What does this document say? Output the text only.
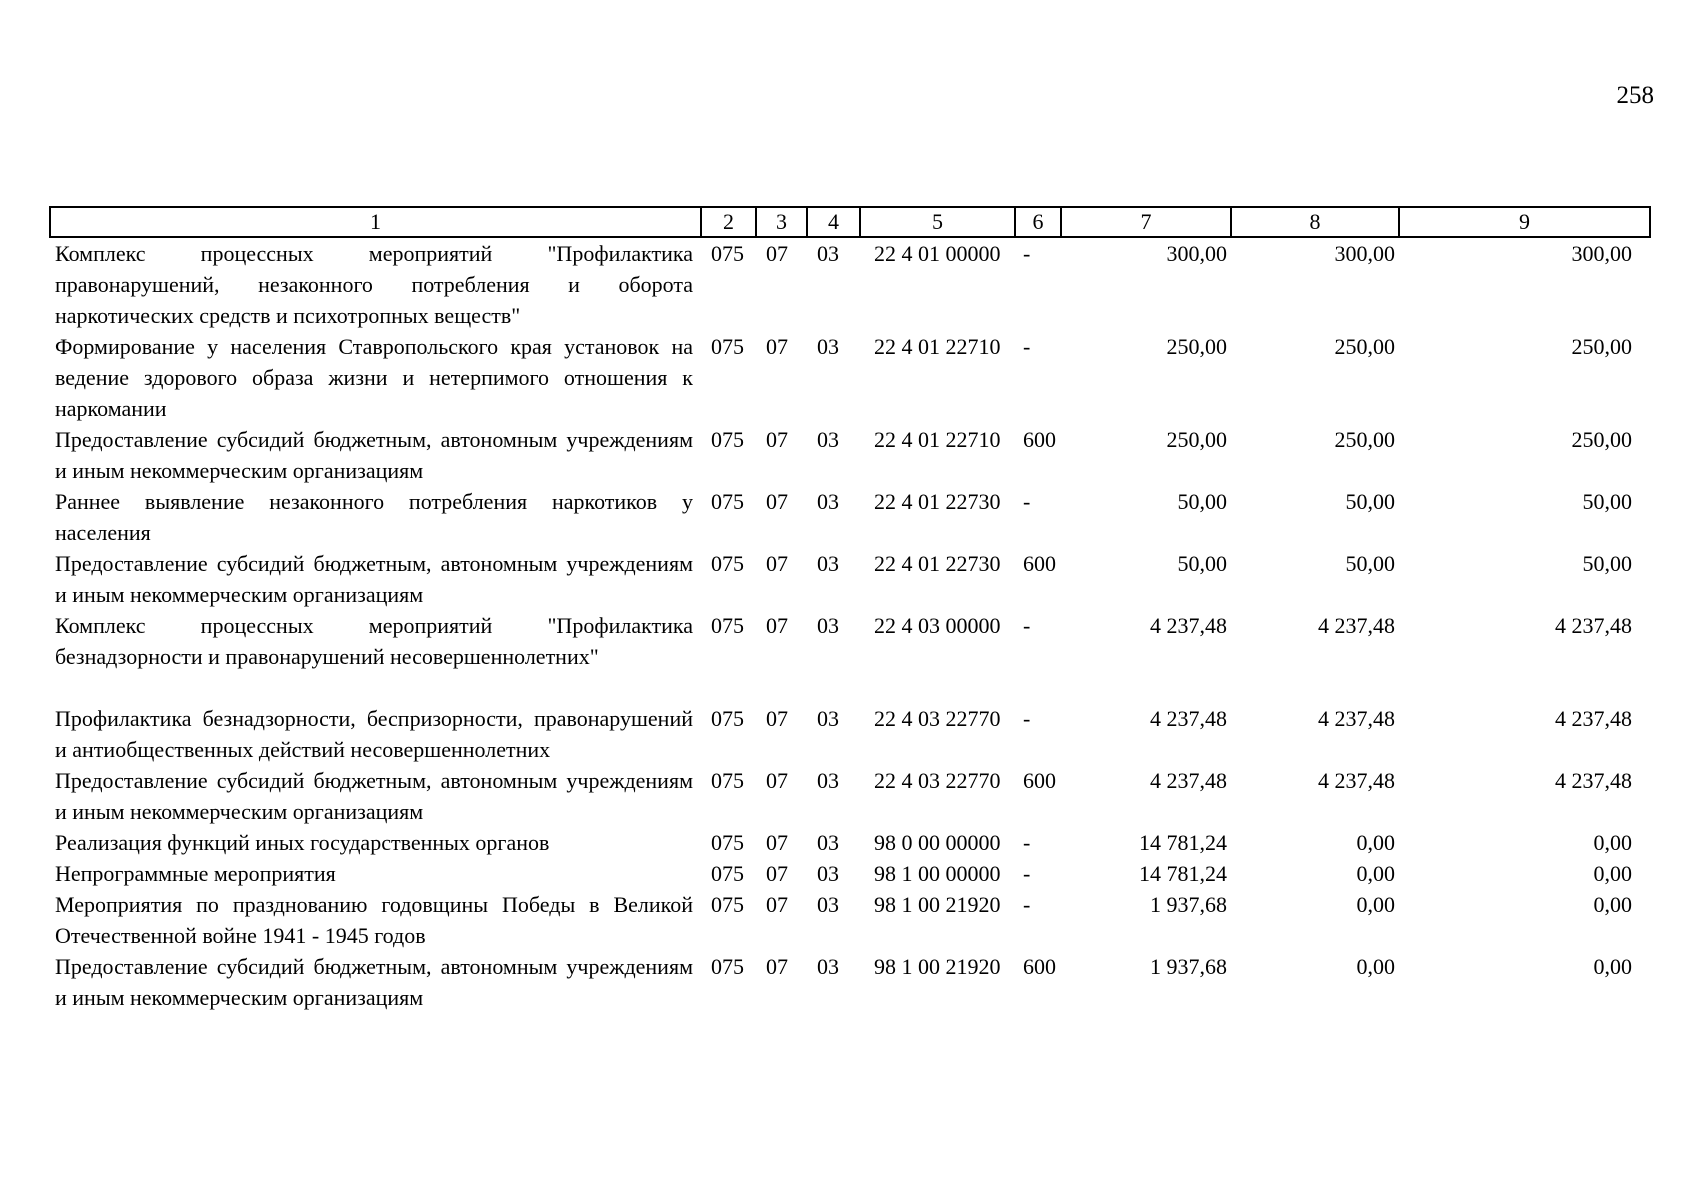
258
1	2	3	4	5	6	7	8	9
Комплекс процессных мероприятий "Профилактика правонарушений, незаконного потребления и оборота наркотических средств и психотропных веществ"	075	07	03	22 4 01 00000	-	300,00	300,00	300,00
Формирование у населения Ставропольского края установок на ведение здорового образа жизни и нетерпимого отношения к наркомании	075	07	03	22 4 01 22710	-	250,00	250,00	250,00
Предоставление субсидий бюджетным, автономным учреждениям и иным некоммерческим организациям	075	07	03	22 4 01 22710	600	250,00	250,00	250,00
Раннее выявление незаконного потребления наркотиков у населения	075	07	03	22 4 01 22730	-	50,00	50,00	50,00
Предоставление субсидий бюджетным, автономным учреждениям и иным некоммерческим организациям	075	07	03	22 4 01 22730	600	50,00	50,00	50,00
Комплекс процессных мероприятий "Профилактика безнадзорности и правонарушений несовершеннолетних"	075	07	03	22 4 03 00000	-	4 237,48	4 237,48	4 237,48
Профилактика безнадзорности, беспризорности, правонарушений и антиобщественных действий несовершеннолетних	075	07	03	22 4 03 22770	-	4 237,48	4 237,48	4 237,48
Предоставление субсидий бюджетным, автономным учреждениям и иным некоммерческим организациям	075	07	03	22 4 03 22770	600	4 237,48	4 237,48	4 237,48
Реализация функций иных государственных органов	075	07	03	98 0 00 00000	-	14 781,24	0,00	0,00
Непрограммные мероприятия	075	07	03	98 1 00 00000	-	14 781,24	0,00	0,00
Мероприятия по празднованию годовщины Победы в Великой Отечественной войне 1941 - 1945 годов	075	07	03	98 1 00 21920	-	1 937,68	0,00	0,00
Предоставление субсидий бюджетным, автономным учреждениям и иным некоммерческим организациям	075	07	03	98 1 00 21920	600	1 937,68	0,00	0,00
